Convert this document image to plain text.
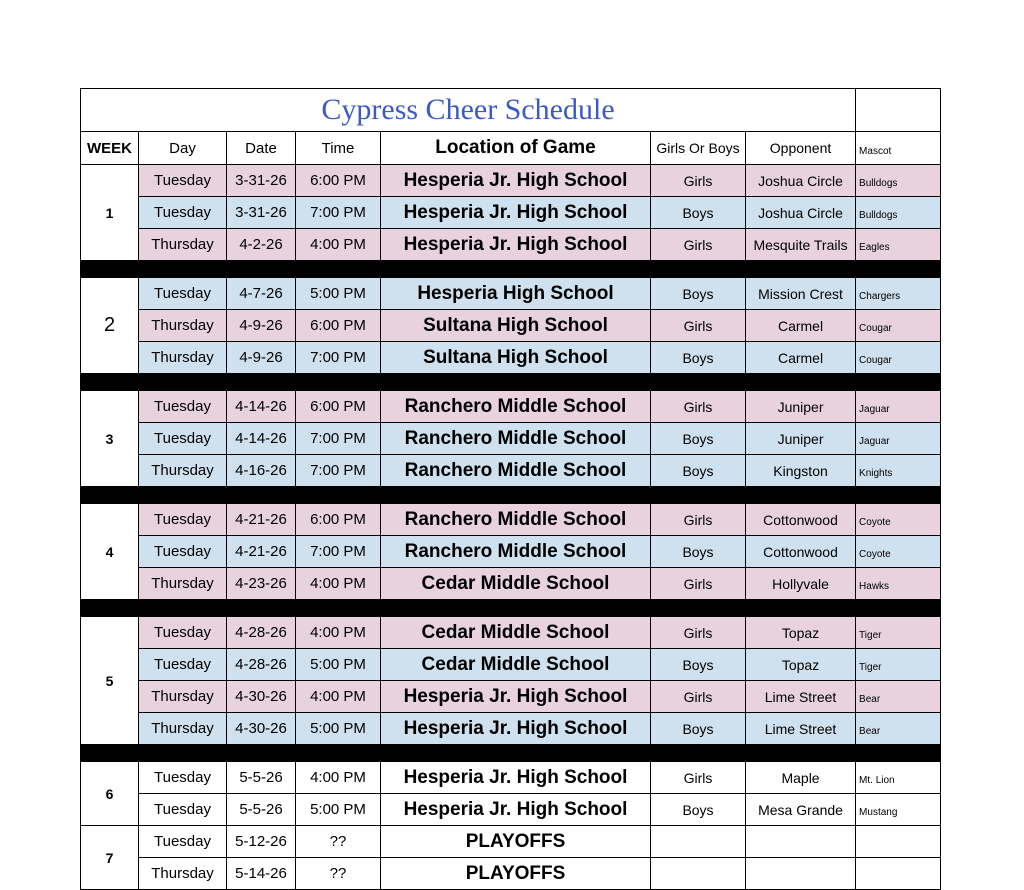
Cypress Cheer Schedule							
WEEK	Day	Date	Time	Location of Game	Girls Or Boys	Opponent	Mascot
1	Tuesday	3-31-26	6:00 PM	Hesperia Jr. High School	Girls	Joshua Circle	Bulldogs
	Tuesday	3-31-26	7:00 PM	Hesperia Jr. High School	Boys	Joshua Circle	Bulldogs
	Thursday	4-2-26	4:00 PM	Hesperia Jr. High School	Girls	Mesquite Trails	Eagles

2	Tuesday	4-7-26	5:00 PM	Hesperia High School	Boys	Mission Crest	Chargers
	Thursday	4-9-26	6:00 PM	Sultana High School	Girls	Carmel	Cougar
	Thursday	4-9-26	7:00 PM	Sultana High School	Boys	Carmel	Cougar

3	Tuesday	4-14-26	6:00 PM	Ranchero Middle School	Girls	Juniper	Jaguar
	Tuesday	4-14-26	7:00 PM	Ranchero Middle School	Boys	Juniper	Jaguar
	Thursday	4-16-26	7:00 PM	Ranchero Middle School	Boys	Kingston	Knights

4	Tuesday	4-21-26	6:00 PM	Ranchero Middle School	Girls	Cottonwood	Coyote
	Tuesday	4-21-26	7:00 PM	Ranchero Middle School	Boys	Cottonwood	Coyote
	Thursday	4-23-26	4:00 PM	Cedar Middle School	Girls	Hollyvale	Hawks

5	Tuesday	4-28-26	4:00 PM	Cedar Middle School	Girls	Topaz	Tiger
	Tuesday	4-28-26	5:00 PM	Cedar Middle School	Boys	Topaz	Tiger
	Thursday	4-30-26	4:00 PM	Hesperia Jr. High School	Girls	Lime Street	Bear
	Thursday	4-30-26	5:00 PM	Hesperia Jr. High School	Boys	Lime Street	Bear

6	Tuesday	5-5-26	4:00 PM	Hesperia Jr. High School	Girls	Maple	Mt. Lion
	Tuesday	5-5-26	5:00 PM	Hesperia Jr. High School	Boys	Mesa Grande	Mustang
7	Tuesday	5-12-26	??	PLAYOFFS			
	Thursday	5-14-26	??	PLAYOFFS			
